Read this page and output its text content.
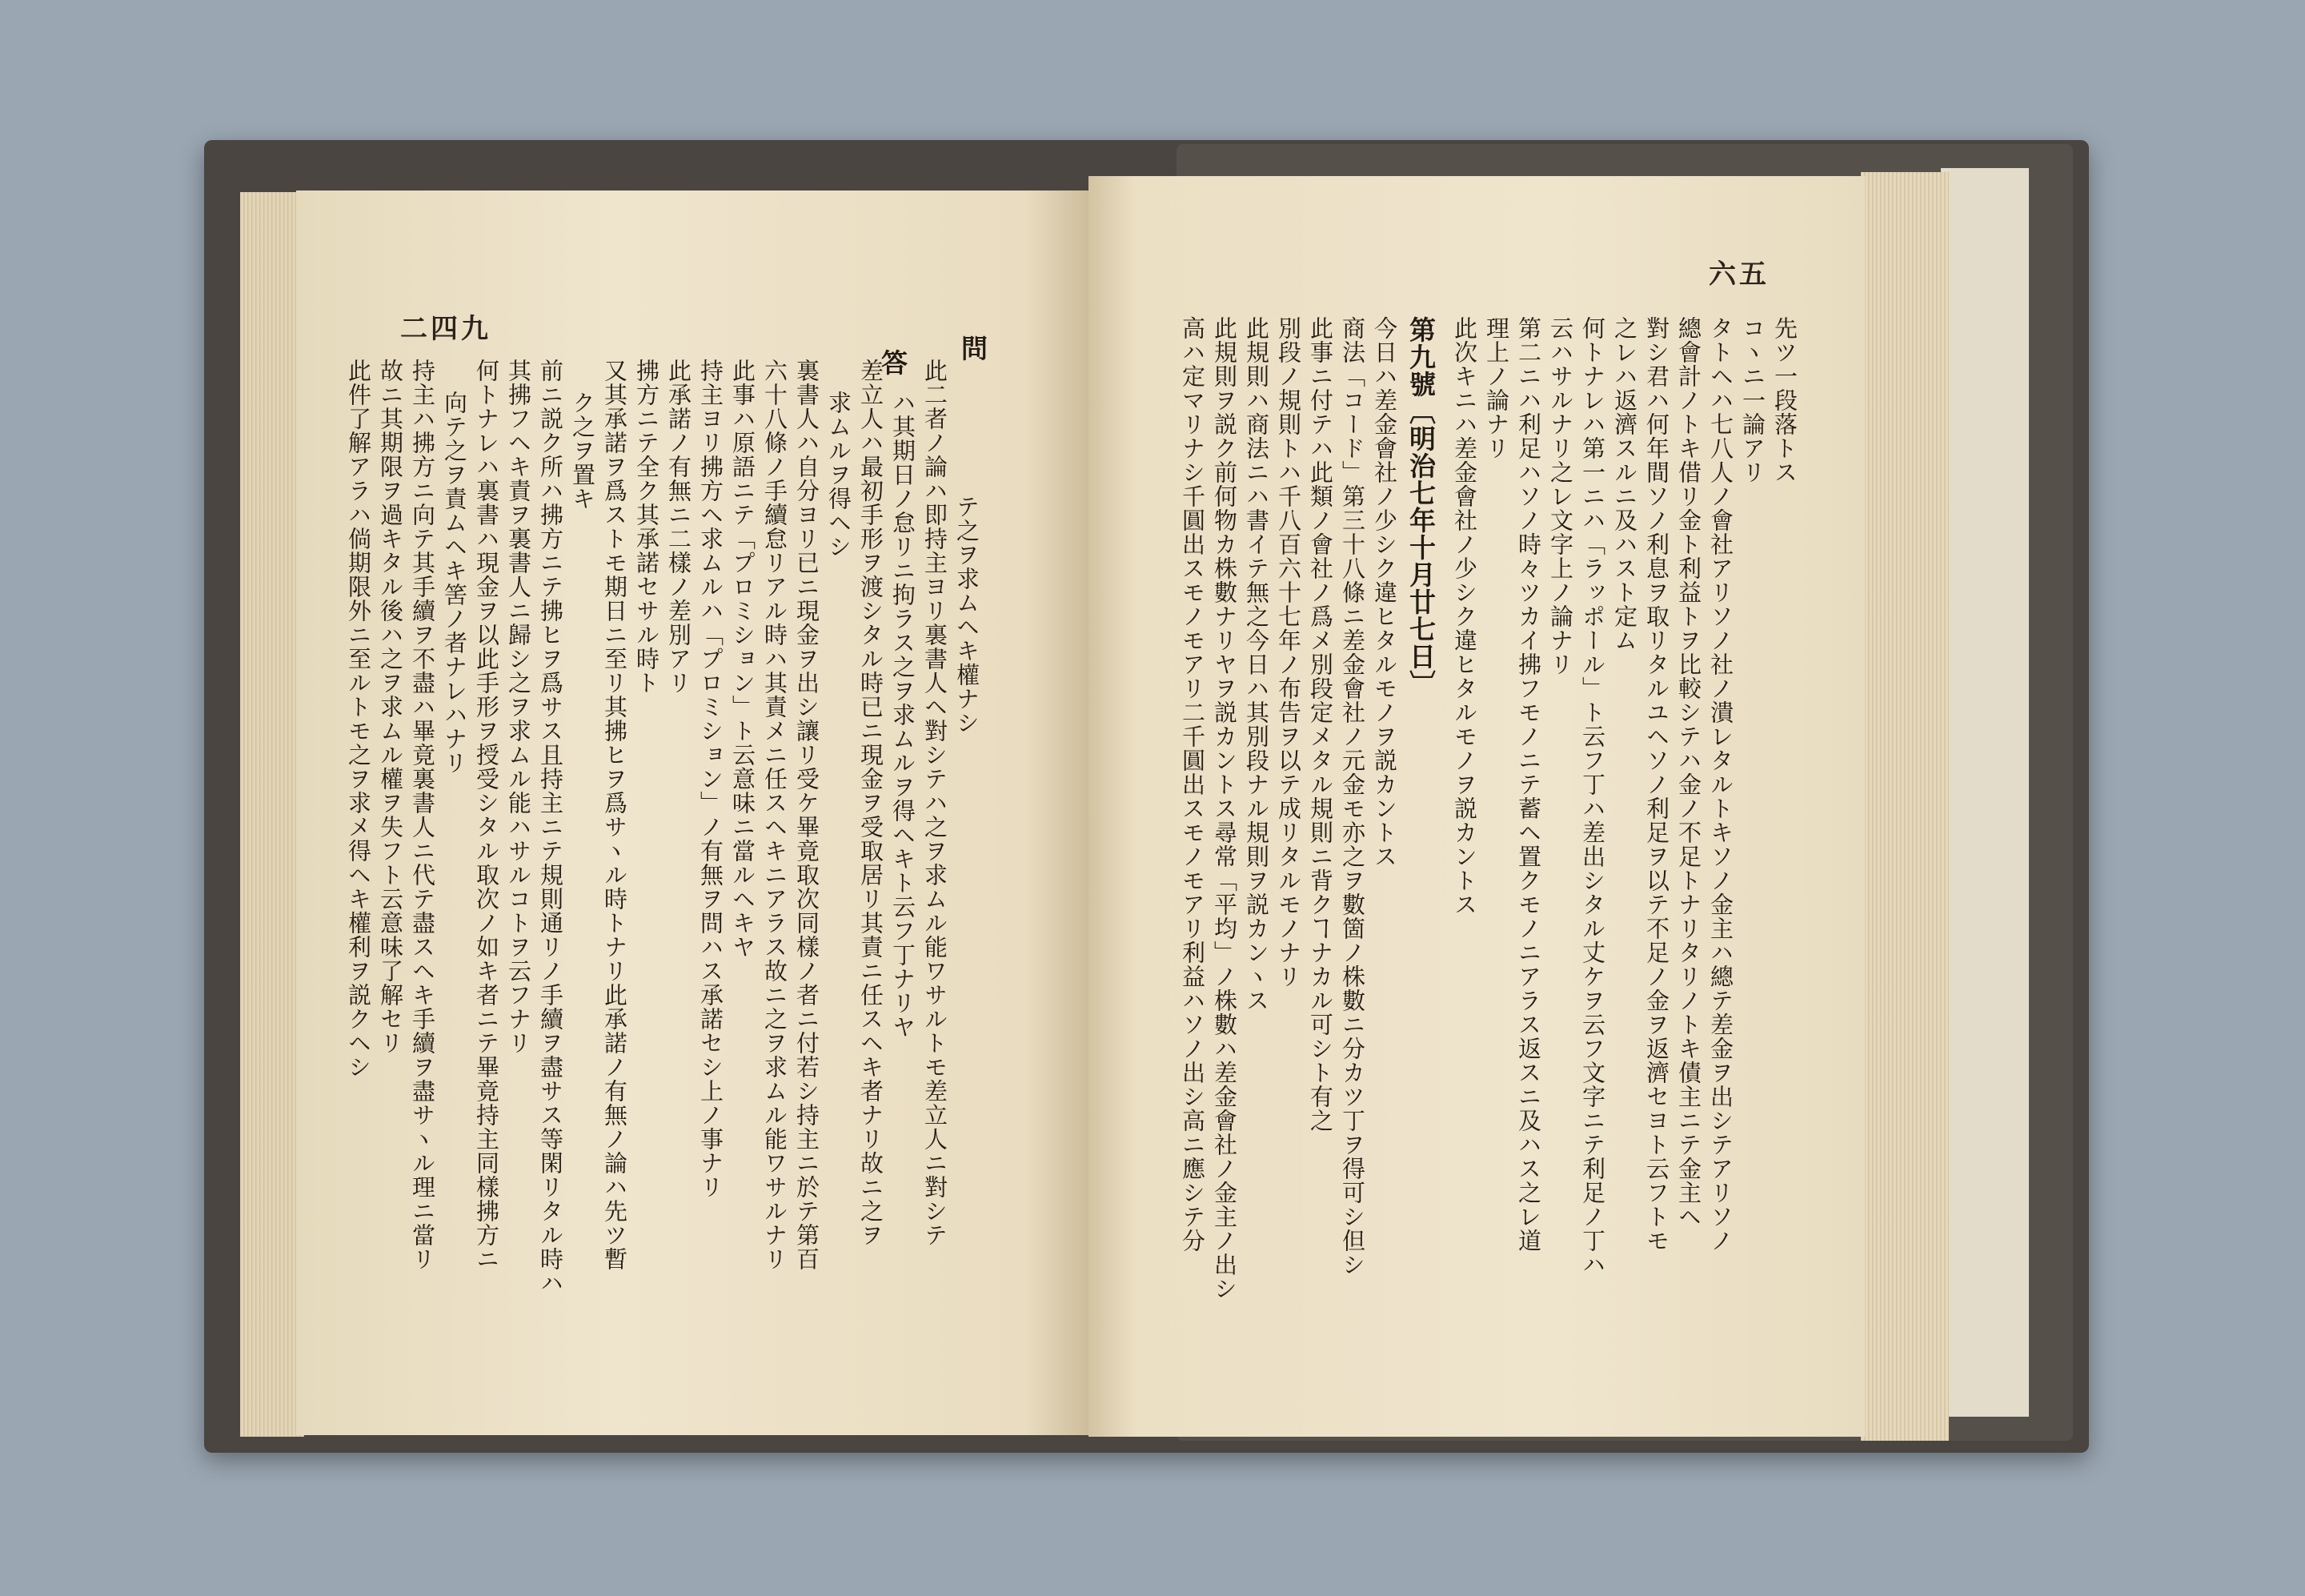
二四九
問
答
テ之ヲ求ムヘキ權ナシ
此二者ノ論ハ即持主ヨリ裏書人ヘ對シテハ之ヲ求ムル能ワサルトモ差立人ニ對シテ
ハ其期日ノ怠リニ拘ラス之ヲ求ムルヲ得ヘキト云フ丁ナリヤ
差立人ハ最初手形ヲ渡シタル時已ニ現金ヲ受取居リ其責ニ任スヘキ者ナリ故ニ之ヲ
求ムルヲ得ヘシ
裏書人ハ自分ヨリ已ニ現金ヲ出シ讓リ受ケ畢竟取次同樣ノ者ニ付若シ持主ニ於テ第百
六十八條ノ手續怠リアル時ハ其責メニ任スヘキニアラス故ニ之ヲ求ムル能ワサルナリ
此事ハ原語ニテ「プロミション」ト云意味ニ當ルヘキヤ
持主ヨリ拂方ヘ求ムルハ「プロミション」ノ有無ヲ問ハス承諾セシ上ノ事ナリ
此承諾ノ有無ニ二樣ノ差別アリ
拂方ニテ全ク其承諾セサル時ト
又其承諾ヲ爲ストモ期日ニ至リ其拂ヒヲ爲サヽル時トナリ此承諾ノ有無ノ論ハ先ツ暫
ク之ヲ置キ
前ニ説ク所ハ拂方ニテ拂ヒヲ爲サス且持主ニテ規則通リノ手續ヲ盡サス等閑リタル時ハ
其拂フヘキ責ヲ裏書人ニ歸シ之ヲ求ムル能ハサルコトヲ云フナリ
何トナレハ裏書ハ現金ヲ以此手形ヲ授受シタル取次ノ如キ者ニテ畢竟持主同樣拂方ニ
向テ之ヲ責ムヘキ筈ノ者ナレハナリ
持主ハ拂方ニ向テ其手續ヲ不盡ハ畢竟裏書人ニ代テ盡スヘキ手續ヲ盡サヽル理ニ當リ
故ニ其期限ヲ過キタル後ハ之ヲ求ムル權ヲ失フト云意味了解セリ
此件了解アラハ倘期限外ニ至ルトモ之ヲ求メ得ヘキ權利ヲ説クヘシ
六五
先ツ一段落トス
コヽニ一論アリ
タトヘハ七八人ノ會社アリソノ社ノ潰レタルトキソノ金主ハ總テ差金ヲ出シテアリソノ
總會計ノトキ借リ金ト利益トヲ比較シテハ金ノ不足トナリタリノトキ債主ニテ金主ヘ
對シ君ハ何年間ソノ利息ヲ取リタルユヘソノ利足ヲ以テ不足ノ金ヲ返濟セヨト云フトモ
之レハ返濟スルニ及ハスト定ム
何トナレハ第一ニハ「ラッポール」ト云フ丁ハ差出シタル丈ケヲ云フ文字ニテ利足ノ丁ハ
云ハサルナリ之レ文字上ノ論ナリ
第二ニハ利足ハソノ時々ツカイ拂フモノニテ蓄ヘ置クモノニアラス返スニ及ハス之レ道
理上ノ論ナリ
此次キニハ差金會社ノ少シク違ヒタルモノヲ説カントス
第九號〔明治七年十月廿七日〕
今日ハ差金會社ノ少シク違ヒタルモノヲ説カントス
商法「コード」第三十八條ニ差金會社ノ元金モ亦之ヲ數箇ノ株數ニ分カツ丁ヲ得可シ但シ
此事ニ付テハ此類ノ會社ノ爲メ別段定メタル規則ニ背クヿナカル可シト有之
別段ノ規則トハ千八百六十七年ノ布告ヲ以テ成リタルモノナリ
此規則ハ商法ニハ書イテ無之今日ハ其別段ナル規則ヲ説カンヽス
此規則ヲ説ク前何物カ株數ナリヤヲ説カントス尋常「平均」ノ株數ハ差金會社ノ金主ノ出シ
高ハ定マリナシ千圓出スモノモアリ二千圓出スモノモアリ利益ハソノ出シ高ニ應シテ分
